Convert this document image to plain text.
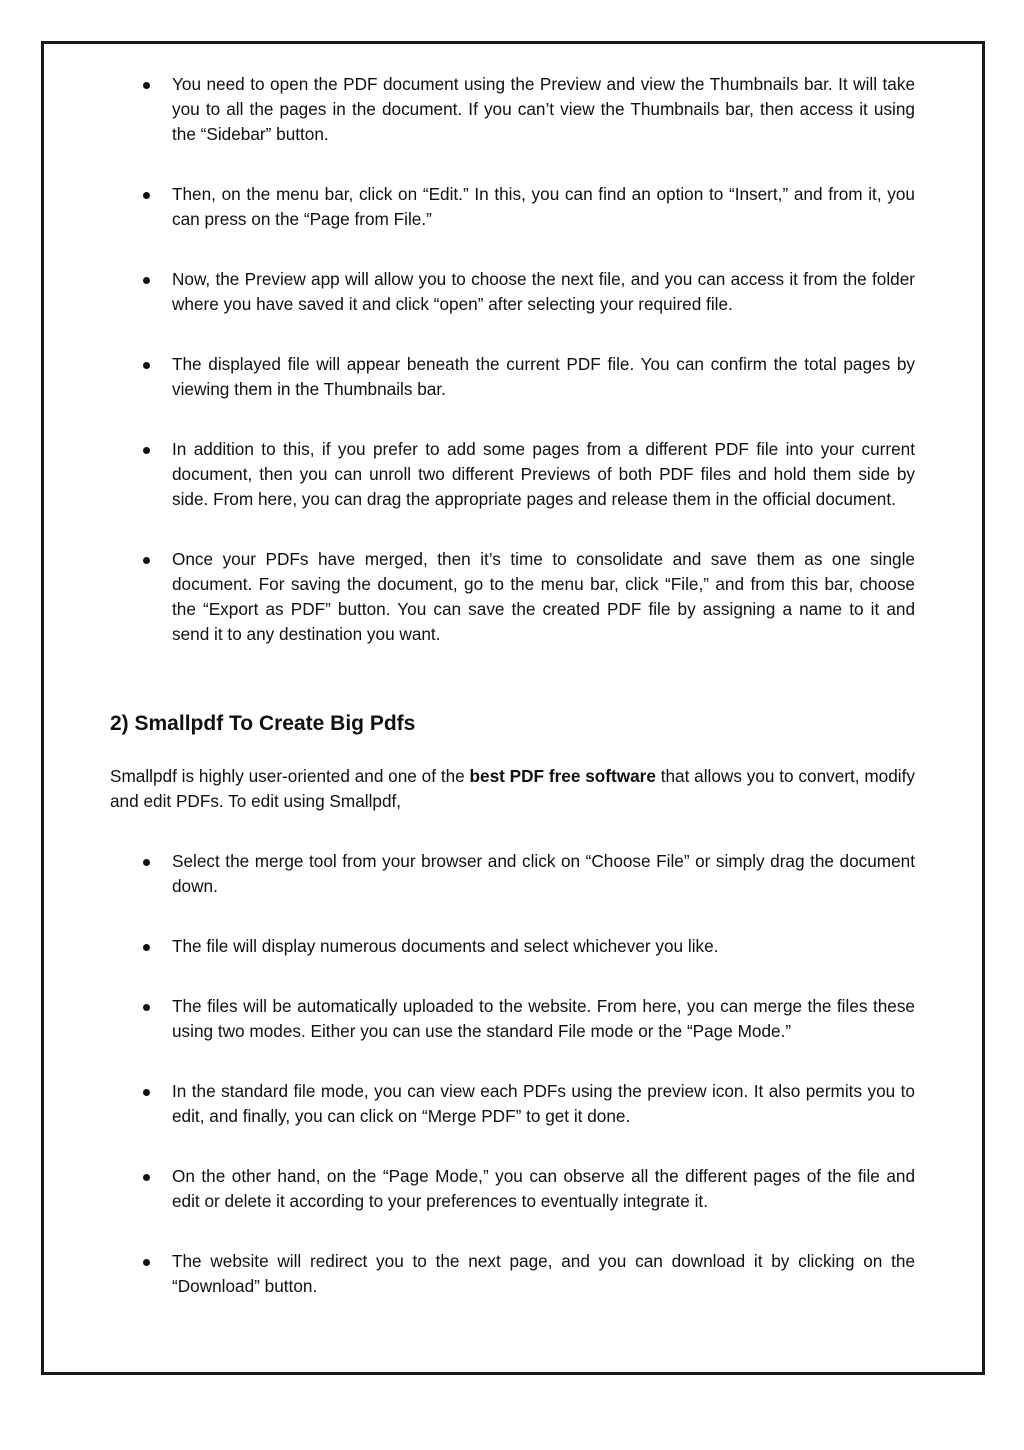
You need to open the PDF document using the Preview and view the Thumbnails bar. It will take you to all the pages in the document. If you can’t view the Thumbnails bar, then access it using the “Sidebar” button.
Then, on the menu bar, click on “Edit.” In this, you can find an option to “Insert,” and from it, you can press on the “Page from File.”
Now, the Preview app will allow you to choose the next file, and you can access it from the folder where you have saved it and click “open” after selecting your required file.
The displayed file will appear beneath the current PDF file. You can confirm the total pages by viewing them in the Thumbnails bar.
In addition to this, if you prefer to add some pages from a different PDF file into your current document, then you can unroll two different Previews of both PDF files and hold them side by side. From here, you can drag the appropriate pages and release them in the official document.
Once your PDFs have merged, then it’s time to consolidate and save them as one single document. For saving the document, go to the menu bar, click “File,” and from this bar, choose the “Export as PDF” button. You can save the created PDF file by assigning a name to it and send it to any destination you want.
2) Smallpdf To Create Big Pdfs

Smallpdf is highly user-oriented and one of the best PDF free software that allows you to convert, modify and edit PDFs. To edit using Smallpdf,

Select the merge tool from your browser and click on “Choose File” or simply drag the document down.
The file will display numerous documents and select whichever you like.
The files will be automatically uploaded to the website. From here, you can merge the files these using two modes. Either you can use the standard File mode or the “Page Mode.”
In the standard file mode, you can view each PDFs using the preview icon. It also permits you to edit, and finally, you can click on “Merge PDF” to get it done.
On the other hand, on the “Page Mode,” you can observe all the different pages of the file and edit or delete it according to your preferences to eventually integrate it.
The website will redirect you to the next page, and you can download it by clicking on the “Download” button.
